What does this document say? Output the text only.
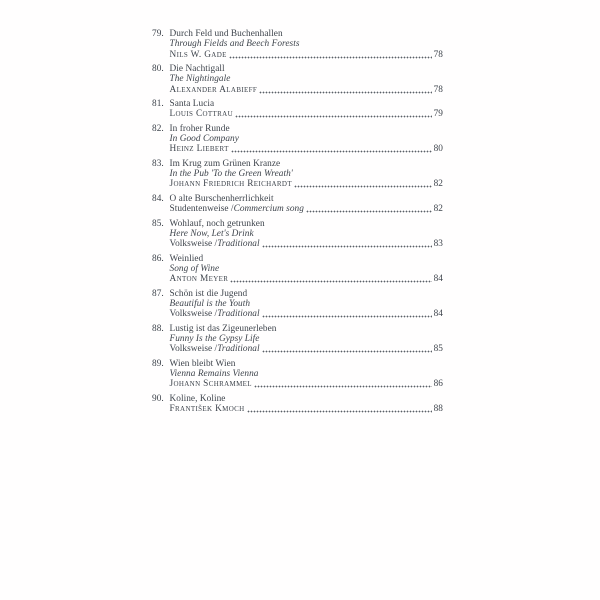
79. Durch Feld und Buchenhallen
Through Fields and Beech Forests
Nils W. Gade	78
80. Die Nachtigall
The Nightingale
Alexander Alabieff	78
81. Santa Lucia
Louis Cottrau	79
82. In froher Runde
In Good Company
Heinz Liebert	80
83. Im Krug zum Grünen Kranze
In the Pub 'To the Green Wreath'
Johann Friedrich Reichardt	82
84. O alte Burschenherrlichkeit
Studentenweise / Commercium song	82
85. Wohlauf, noch getrunken
Here Now, Let's Drink
Volksweise / Traditional	83
86. Weinlied
Song of Wine
Anton Meyer	84
87. Schön ist die Jugend
Beautiful is the Youth
Volksweise / Traditional	84
88. Lustig ist das Zigeunerleben
Funny Is the Gypsy Life
Volksweise / Traditional	85
89. Wien bleibt Wien
Vienna Remains Vienna
Johann Schrammel	86
90. Koline, Koline
František Kmoch	88
